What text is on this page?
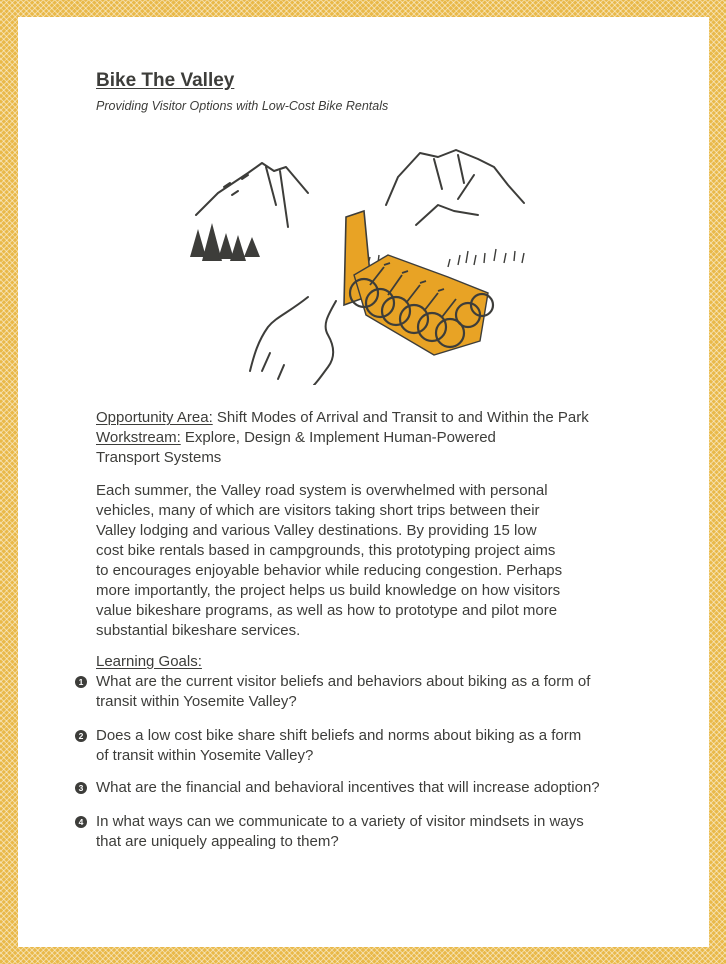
Bike The Valley

Providing Visitor Options with Low-Cost Bike Rentals

Opportunity Area: Shift Modes of Arrival and Transit to and Within the Park
Workstream: Explore, Design & Implement Human-Powered
Transport Systems

Each summer, the Valley road system is overwhelmed with personal
vehicles, many of which are visitors taking short trips between their
Valley lodging and various Valley destinations. By providing 15 low
cost bike rentals based in campgrounds, this prototyping project aims
to encourages enjoyable behavior while reducing congestion. Perhaps
more importantly, the project helps us build knowledge on how visitors
value bikeshare programs, as well as how to prototype and pilot more
substantial bikeshare services.

Learning Goals:
1 What are the current visitor beliefs and behaviors about biking as a form of
transit within Yosemite Valley?
2 Does a low cost bike share shift beliefs and norms about biking as a form
of transit within Yosemite Valley?
3 What are the financial and behavioral incentives that will increase adoption?
4 In what ways can we communicate to a variety of visitor mindsets in ways
that are uniquely appealing to them?
